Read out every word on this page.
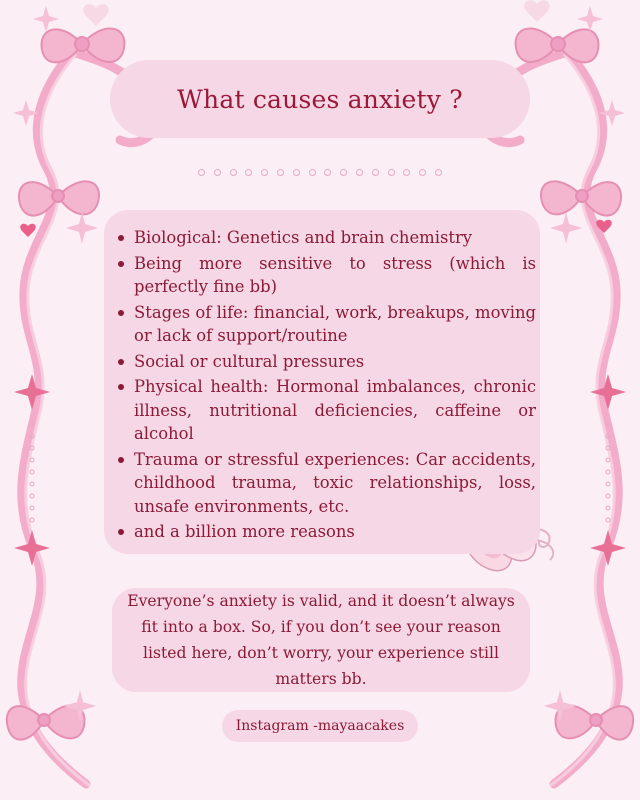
What causes anxiety ?
Biological: Genetics and brain chemistry
Being more sensitive to stress (which is perfectly fine bb)
Stages of life: financial, work, breakups, moving or lack of support/routine
Social or cultural pressures
Physical health: Hormonal imbalances, chronic illness, nutritional deficiencies, caffeine or alcohol
Trauma or stressful experiences: Car accidents, childhood trauma, toxic relationships, loss, unsafe environments, etc.
and a billion more reasons

Everyone’s anxiety is valid, and it doesn’t always fit into a box. So, if you don’t see your reason listed here, don’t worry, your experience still matters bb.

Instagram -mayaacakes
